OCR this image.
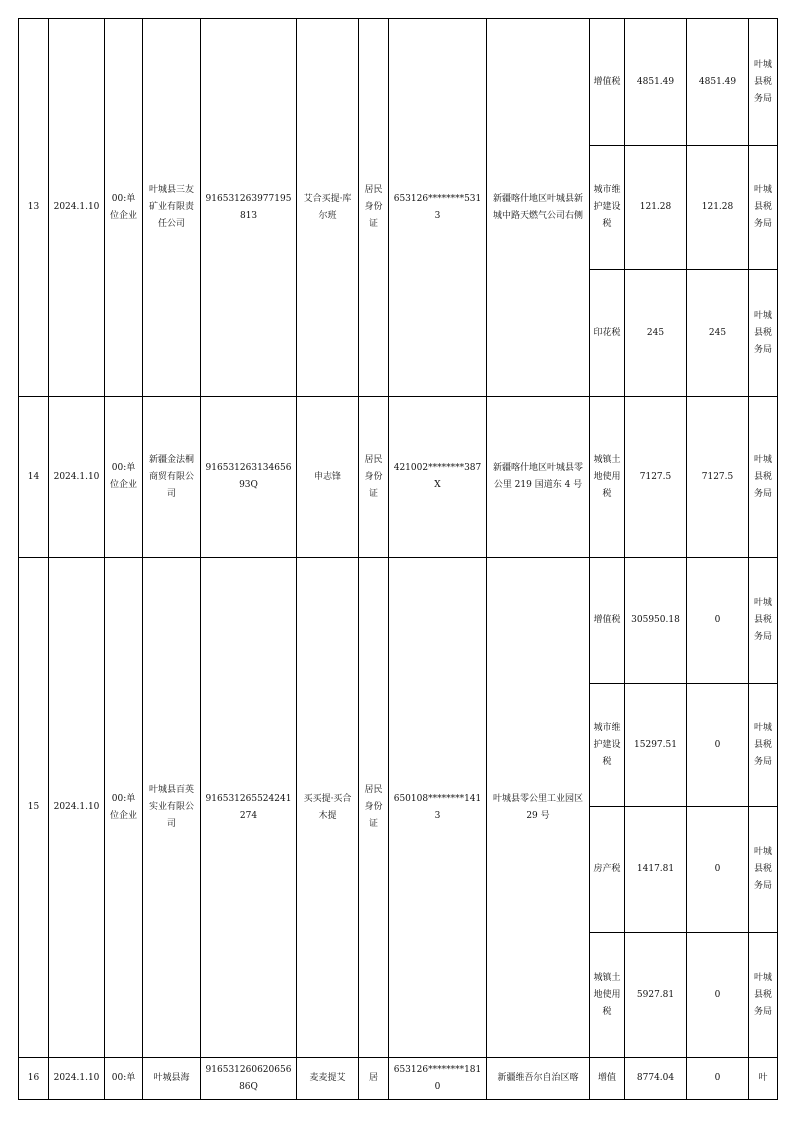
13	2024.1.10	00:单位企业	叶城县三友矿业有限责任公司	91653126397719581З	艾合买提·库尔班	居民身份证	653126********5313	新疆喀什地区叶城县新城中路天燃气公司右侧	增值税	4851.49	4851.49	叶城县税务局
									城市维护建设税	121.28	121.28	叶城县税务局
									印花税	245	245	叶城县税务局
14	2024.1.10	00:单位企业	新疆金法桐商贸有限公司	91653126313465693Q	申志锋	居民身份证	421002********387X	新疆喀什地区叶城县零公里 219 国道东 4 号	城镇土地使用税	7127.5	7127.5	叶城县税务局
15	2024.1.10	00:单位企业	叶城县百英实业有限公司	916531265524241274	买买提·买合木提	居民身份证	650108********1413	叶城县零公里工业园区 29 号	增值税	305950.18	0	叶城县税务局
									城市维护建设税	15297.51	0	叶城县税务局
									房产税	1417.81	0	叶城县税务局
									城镇土地使用税	5927.81	0	叶城县税务局
16	2024.1.10	00:单	叶城县海	91653126062065686Q	麦麦提艾	居	653126********1810	新疆维吾尔自治区喀	增值	8774.04	0	叶
